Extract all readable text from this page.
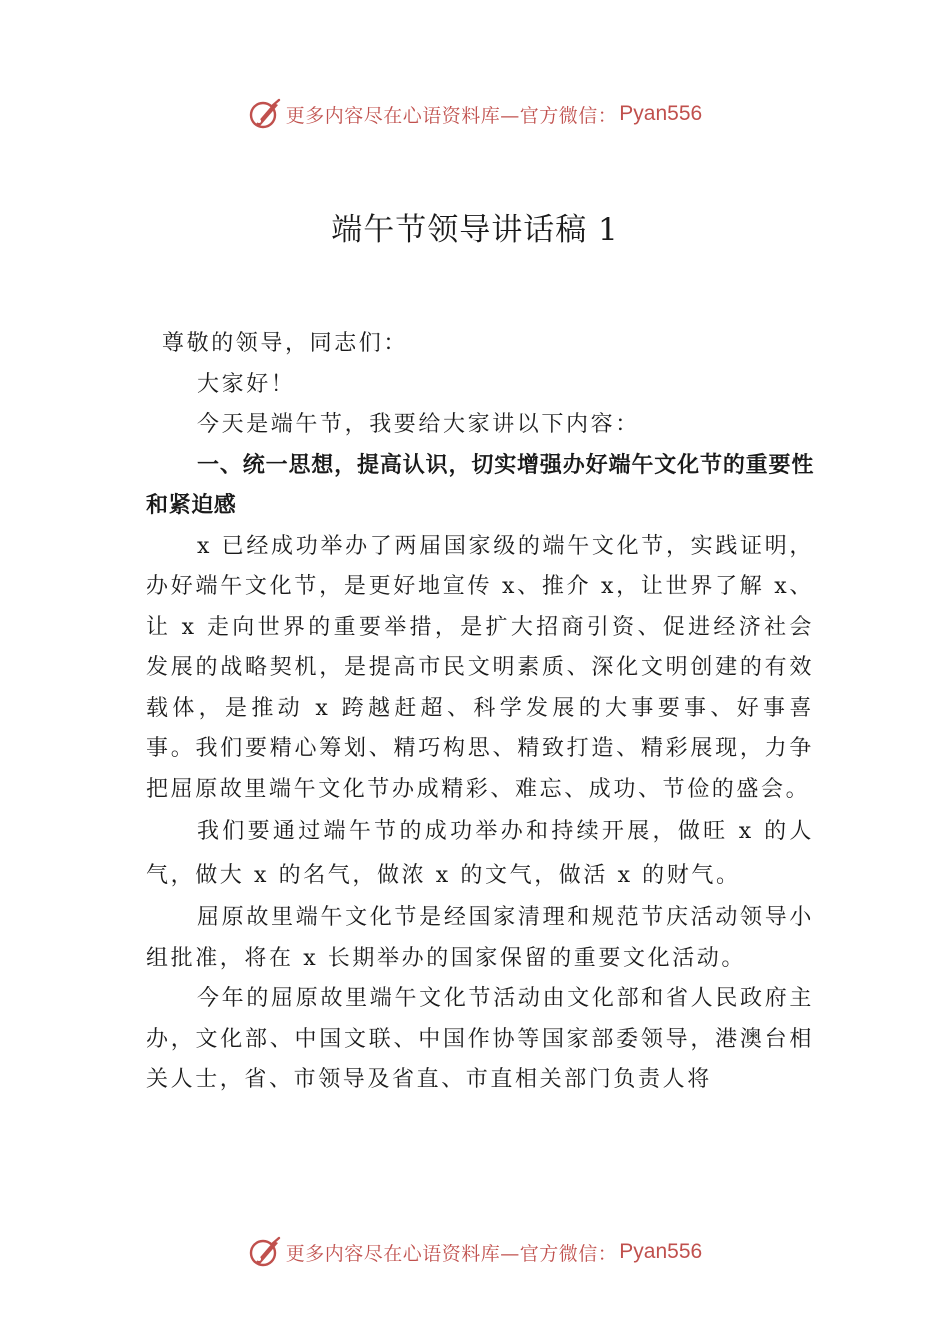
更多内容尽在心语资料库—官方微信： Pyan556
端午节领导讲话稿 1

尊敬的领导，同志们：

大家好！

今天是端午节，我要给大家讲以下内容：

一、统一思想，提高认识，切实增强办好端午文化节的重要性和紧迫感

x 已经成功举办了两届国家级的端午文化节，实践证明，办好端午文化节，是更好地宣传 x、推介 x，让世界了解 x、让 x 走向世界的重要举措，是扩大招商引资、促进经济社会发展的战略契机，是提高市民文明素质、深化文明创建的有效载体，是推动 x 跨越赶超、科学发展的大事要事、好事喜事。我们要精心筹划、精巧构思、精致打造、精彩展现，力争把屈原故里端午文化节办成精彩、难忘、成功、节俭的盛会。

我们要通过端午节的成功举办和持续开展，做旺 x 的人气，做大 x 的名气，做浓 x 的文气，做活 x 的财气。

屈原故里端午文化节是经国家清理和规范节庆活动领导小组批准，将在 x 长期举办的国家保留的重要文化活动。

今年的屈原故里端午文化节活动由文化部和省人民政府主办，文化部、中国文联、中国作协等国家部委领导，港澳台相关人士，省、市领导及省直、市直相关部门负责人将

更多内容尽在心语资料库—官方微信： Pyan556
